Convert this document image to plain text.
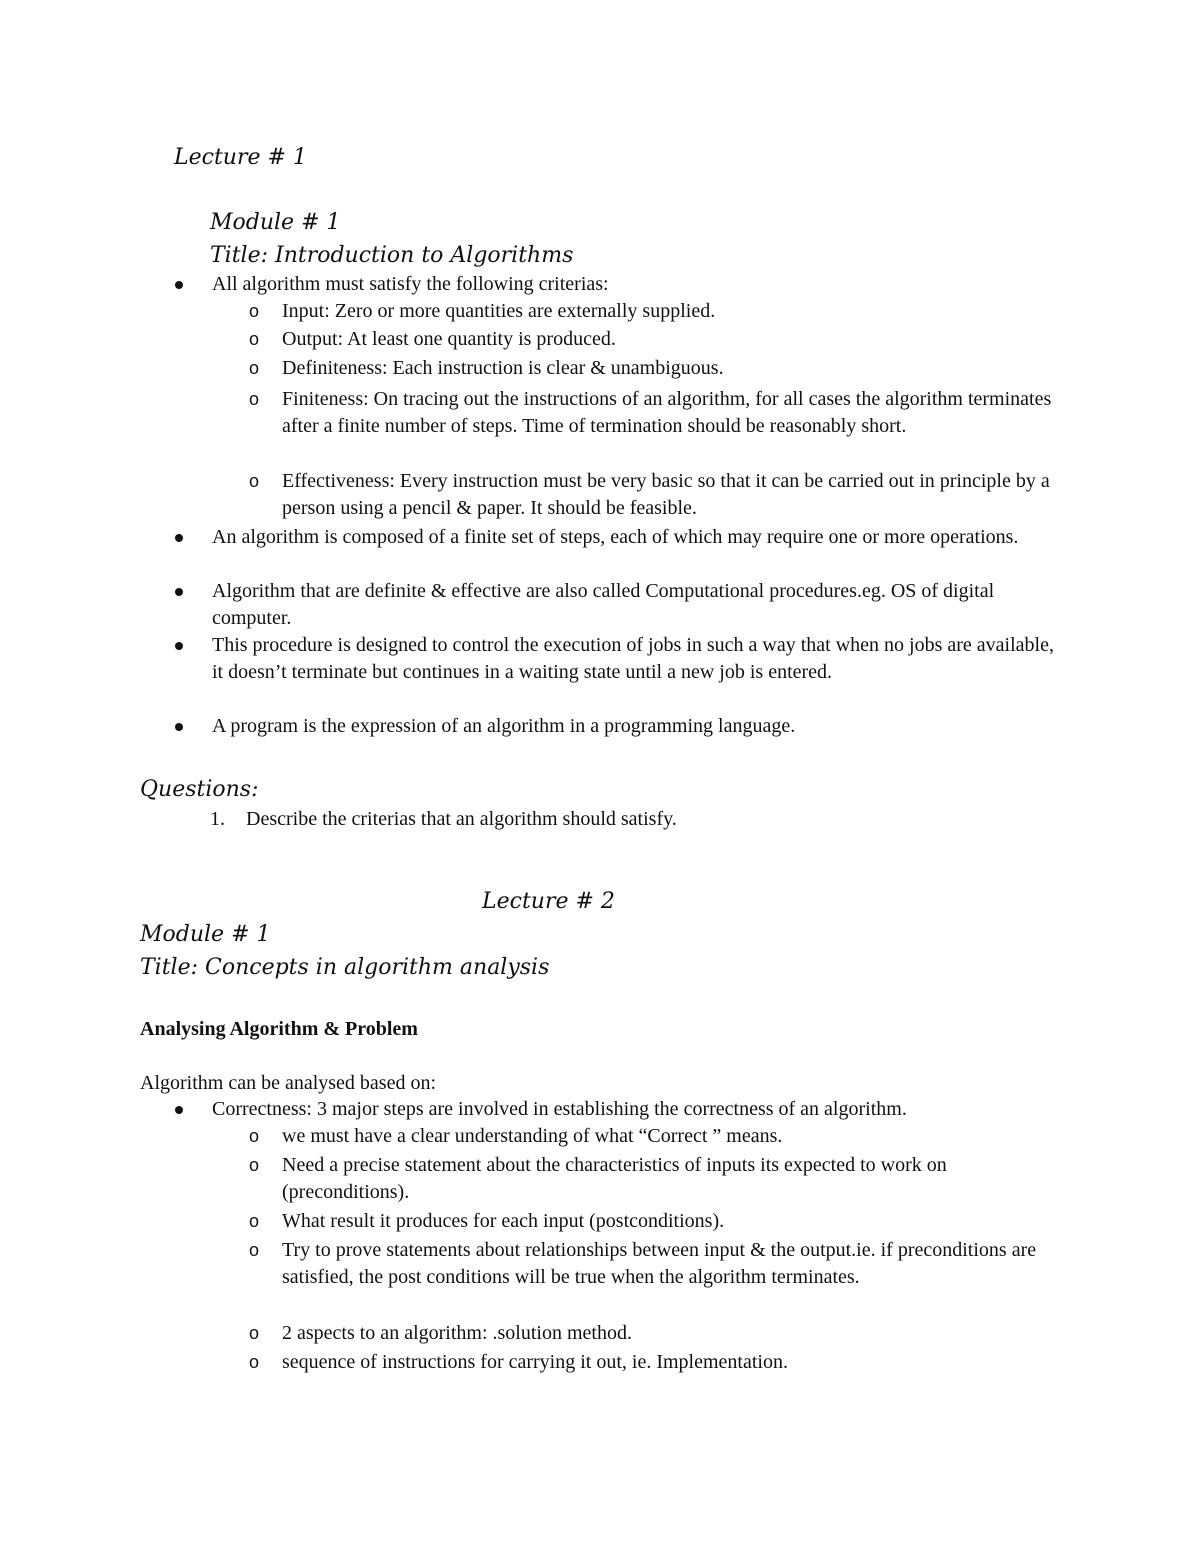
Lecture # 1
Module # 1
Title: Introduction to Algorithms
All algorithm must satisfy the following criterias:
o Input: Zero or more quantities are externally supplied.
o Output: At least one quantity is produced.
o Definiteness: Each instruction is clear & unambiguous.
o Finiteness: On tracing out the instructions of an algorithm, for all cases the algorithm terminates after a finite number of steps. Time of termination should be reasonably short.
o Effectiveness: Every instruction must be very basic so that it can be carried out in principle by a person using a pencil & paper. It should be feasible.
An algorithm is composed of a finite set of steps, each of which may require one or more operations.
Algorithm that are definite & effective are also called Computational procedures.eg. OS of digital computer.
This procedure is designed to control the execution of jobs in such a way that when no jobs are available, it doesn’t terminate but continues in a waiting state until a new job is entered.
A program is the expression of an algorithm in a programming language.
Questions:
1. Describe the criterias that an algorithm should satisfy.
Lecture # 2
Module # 1
Title: Concepts in algorithm analysis
Analysing Algorithm & Problem
Algorithm can be analysed based on:
Correctness: 3 major steps are involved in establishing the correctness of an algorithm.
o we must have a clear understanding of what “Correct ” means.
o Need a precise statement about the characteristics of inputs its expected to work on (preconditions).
o What result it produces for each input (postconditions).
o Try to prove statements about relationships between input & the output.ie. if preconditions are satisfied, the post conditions will be true when the algorithm terminates.
o 2 aspects to an algorithm: .solution method.
o sequence of instructions for carrying it out, ie. Implementation.
